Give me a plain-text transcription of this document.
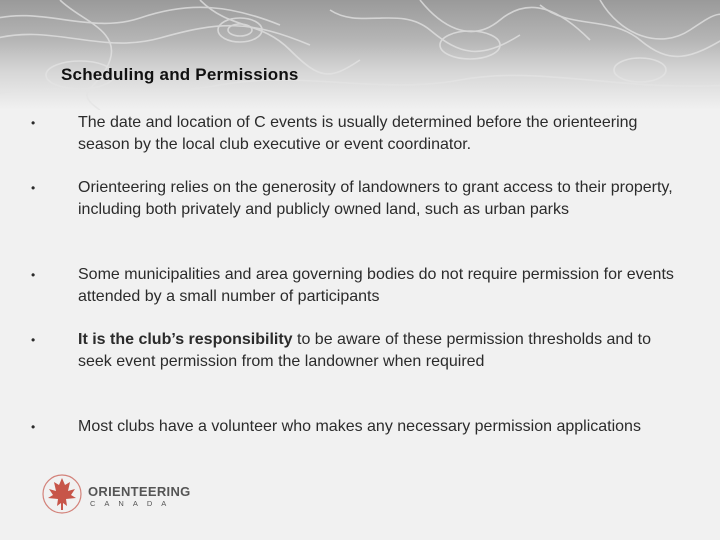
Scheduling and Permissions
•	The date and location of C events is usually determined before the orienteering season by the local club executive or event coordinator.
•	Orienteering relies on the generosity of landowners to grant access to their property, including both privately and publicly owned land, such as urban parks
•	Some municipalities and area governing bodies do not require permission for events attended by a small number of participants
•	It is the club’s responsibility to be aware of these permission thresholds and to seek event permission from the landowner when required
•	Most clubs have a volunteer who makes any necessary permission applications
ORIENTEERING
CANADA
